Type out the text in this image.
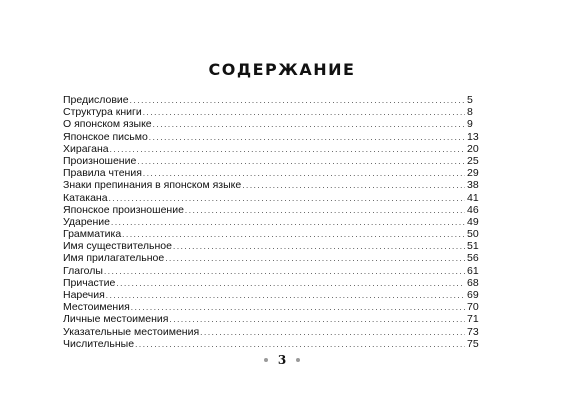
СОДЕРЖАНИЕ
Предисловие .....	5
Структура книги .....	8
О японском языке .....	9
Японское письмо .....	13
Хирагана .....	20
Произношение .....	25
Правила чтения .....	29
Знаки препинания в японском языке .....	38
Катакана .....	41
Японское произношение .....	46
Ударение .....	49
Грамматика .....	50
Имя существительное .....	51
Имя прилагательное .....	56
Глаголы .....	61
Причастие .....	68
Наречия .....	69
Местоимения .....	70
Личные местоимения .....	71
Указательные местоимения .....	73
Числительные .....	75
3
